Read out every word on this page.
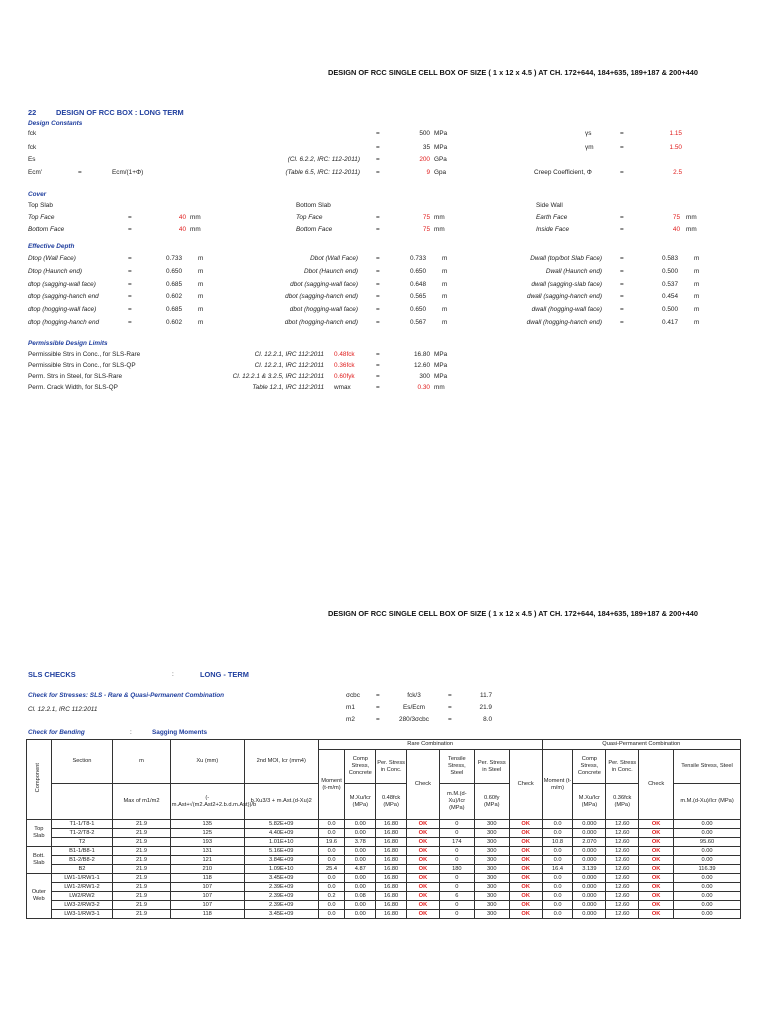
DESIGN OF RCC SINGLE CELL BOX OF SIZE ( 1 x 12 x 4.5 ) AT CH. 172+644, 184+635, 189+187 & 200+440
22	DESIGN OF RCC BOX : LONG TERM
Design Constants
fck	=	500 MPa
fck	=	35 MPa
Es	(Cl. 6.2.2, IRC: 112-2011)	=	200 GPa
Ecm'	(Table 6.5, IRC: 112-2011)	=	9 Gpa
γs	=	1.15
γm	=	1.50
Creep Coefficient, Φ	=	2.5
=	Ecm/(1+Φ)
Cover
Top Slab	Bottom Slab	Side Wall
Top Face	=	40 mm	Top Face	=	75 mm	Earth Face	=	75 mm
Bottom Face	=	40 mm	Bottom Face	=	75 mm	Inside Face	=	40 mm
Effective Depth
Dtop (Wall Face)	=	0.733	m	Dbot (Wall Face)	=	0.733	m	Dwall (top/bot Slab Face)	=	0.583	m
Dtop (Haunch end)	=	0.650	m	Dbot (Haunch end)	=	0.650	m	Dwall (Haunch end)	=	0.500	m
dtop (sagging-wall face)	=	0.685	m	dbot (sagging-wall face)	=	0.648	m	dwall (sagging-slab face)	=	0.537	m
dtop (sagging-hanch end	=	0.602	m	dbot (sagging-hanch end)	=	0.565	m	dwall (sagging-hanch end)	=	0.454	m
dtop (hogging-wall face)	=	0.685	m	dbot (hogging-wall face)	=	0.650	m	dwall (hogging-wall face)	=	0.500	m
dtop (hogging-hanch end	=	0.602	m	dbot (hogging-hanch end)	=	0.567	m	dwall (hogging-hanch end)	=	0.417	m
Permissible Design Limits
Permissible Strs in Conc., for SLS-Rare	Cl. 12.2.1, IRC 112:2011 0.48fck	=	16.80 MPa
Permissible Strs in Conc., for SLS-QP	Cl. 12.2.1, IRC 112:2011 0.36fck	=	12.60 MPa
Perm. Strs in Steel, for SLS-Rare	Cl. 12.2.1 & 3.2.5, IRC 112:2011 0.60fyk	=	300 MPa
Perm. Crack Width, for SLS-QP	Table 12.1, IRC 112:2011 wmax	=	0.30 mm
DESIGN OF RCC SINGLE CELL BOX OF SIZE ( 1 x 12 x 4.5 ) AT CH. 172+644, 184+635, 189+187 & 200+440
SLS CHECKS	:	LONG - TERM
Check for Stresses: SLS - Rare & Quasi-Permanent Combination
Cl. 12.2.1, IRC 112:2011
σcbc	=	fck/3	=	11.7
m1	=	Es/Ecm	=	21.9
m2	=	280/3σcbc	=	8.0
Check for Bending	:	Sagging Moments
Component	Section	m	Xu (mm)	2nd MOI, Icr (mm4)	Rare Combination							Quasi-Permanent Combination				
					Moment (t-m/m)	Comp Stress, Concrete	Per. Stress in Conc.	Check	Tensile Stress, Steel	Per. Stress in Steel	Check	Moment (t-m/m)	Comp Stress, Concrete	Per. Stress in Conc.	Check	Tensile Stress, Steel
		Max of m1/m2	(-m.Ast+√(m2.Ast2+2.b.d.m.Ast))/b	b.Xu3/3 + m.Ast.(d-Xu)2		M.Xu/Icr (MPa)	0.48fck (MPa)		m.M.(d-Xu)/Icr (MPa)	0.60fy (MPa)			M.Xu/Icr (MPa)	0.36fck (MPa)		m.M.(d-Xu)/Icr (MPa)
Top Slab	T1-1/T8-1	21.9	135	5.82E+09	0.0	0.00	16.80	OK	0	300	OK	0.0	0.000	12.60	OK	0.00
	T1-2/T8-2	21.9	125	4.40E+09	0.0	0.00	16.80	OK	0	300	OK	0.0	0.000	12.60	OK	0.00
	T2	21.9	193	1.01E+10	19.6	3.78	16.80	OK	174	300	OK	10.8	2.070	12.60	OK	95.60
Bott. Slab	B1-1/B8-1	21.9	131	5.16E+09	0.0	0.00	16.80	OK	0	300	OK	0.0	0.000	12.60	OK	0.00
	B1-2/B8-2	21.9	121	3.84E+09	0.0	0.00	16.80	OK	0	300	OK	0.0	0.000	12.60	OK	0.00
	B2	21.9	210	1.09E+10	25.4	4.87	16.80	OK	180	300	OK	16.4	3.139	12.60	OK	116.39
Outer Web	LW1-1/RW1-1	21.9	118	3.45E+09	0.0	0.00	16.80	OK	0	300	OK	0.0	0.000	12.60	OK	0.00
	LW1-2/RW1-2	21.9	107	2.39E+09	0.0	0.00	16.80	OK	0	300	OK	0.0	0.000	12.60	OK	0.00
	LW2/RW2	21.9	107	2.39E+09	0.2	0.08	16.80	OK	6	300	OK	0.0	0.000	12.60	OK	0.00
	LW3-2/RW3-2	21.9	107	2.39E+09	0.0	0.00	16.80	OK	0	300	OK	0.0	0.000	12.60	OK	0.00
	LW3-1/RW3-1	21.9	118	3.45E+09	0.0	0.00	16.80	OK	0	300	OK	0.0	0.000	12.60	OK	0.00
